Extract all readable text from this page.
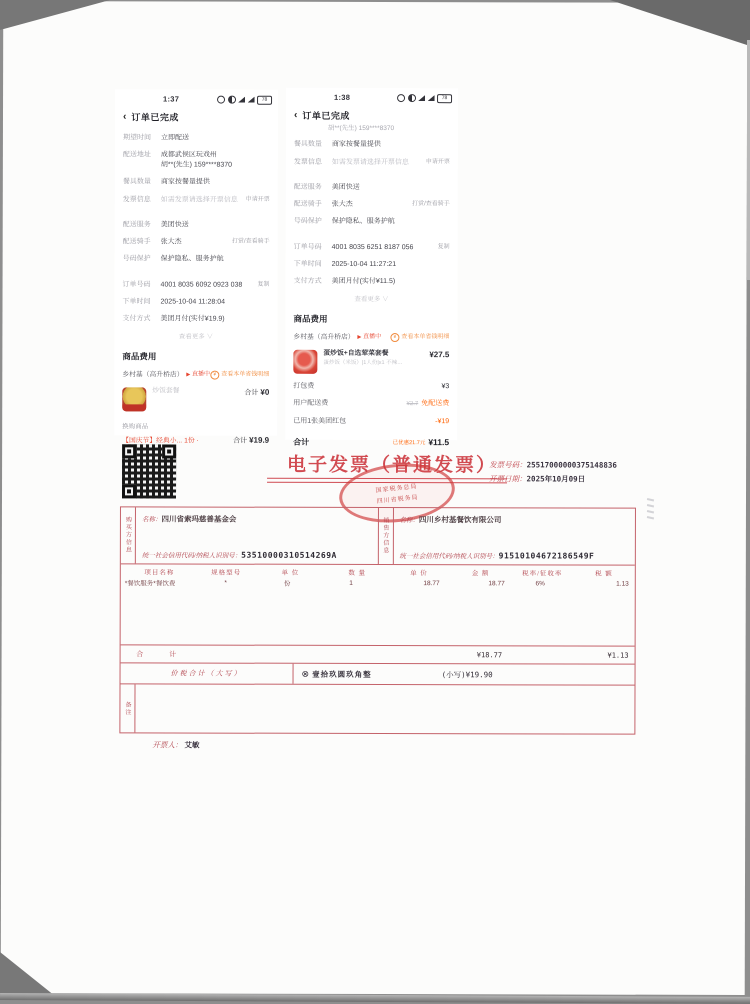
1:37	78
‹ 订单已完成
期望时间	立即配送
配送地址	成都武侯区玩戏州
胡**(先生) 159****8370
餐具数量	商家按餐量提供
发票信息	如需发票请选择开票信息	申请开票
配送服务	美团快送
配送骑手	张大杰	打赏/查看骑手
号码保护	保护隐私、服务护航
订单号码	4001 8035 6092 0923 038	复制
下单时间	2025-10-04 11:28:04
支付方式	美团月付(实付¥19.9)
查看更多 ∨
商品费用
乡村基（高升桥店）	直播中	¥ 查看本单省钱明细
炒饭套餐	合计 ¥0
换购商品
【国庆节】经典小... 1份 ·	合计 ¥19.9
1:38	78
‹ 订单已完成
胡**(先生) 159****8370
餐具数量	商家按餐量提供
发票信息	如需发票请选择开票信息	申请开票
配送服务	美团快送
配送骑手	张大杰	打赏/查看骑手
号码保护	保护隐私、服务护航
订单号码	4001 8035 6251 8187 056	复制
下单时间	2025-10-04 11:27:21
支付方式	美团月付(实付¥11.5)
查看更多 ∨
商品费用
乡村基（高升桥店）	直播中	¥ 查看本单省钱明细
蛋炒饭+自选荤菜套餐
蛋炒饭（米饭）|1人份|x1 不辣…
¥27.5
打包费	¥3
用户配送费	¥2.7 免配送费
已用1张美团红包	-¥19
合计	已优惠21.7元 ¥11.5
电子发票（普通发票）
国家税务总局
四川省税务局
发票号码：25517000000375148836
开票日期：2025年10月09日
购买方信息	名称：四川省索玛慈善基金会
统一社会信用代码/纳税人识别号：53510000310514269A
销售方信息	名称：四川乡村基餐饮有限公司
统一社会信用代码/纳税人识别号：91510104672186549F
项目名称	规格型号	单 位	数 量	单 价	金 额	税率/征收率	税 额
*餐饮服务*餐饮费	*	份	1	18.77	18.77	6%	1.13
合　　计	¥18.77	¥1.13
价税合计（大写）	⊗ 壹拾玖圆玖角整	(小写)¥19.90
备注
开票人： 艾敏
